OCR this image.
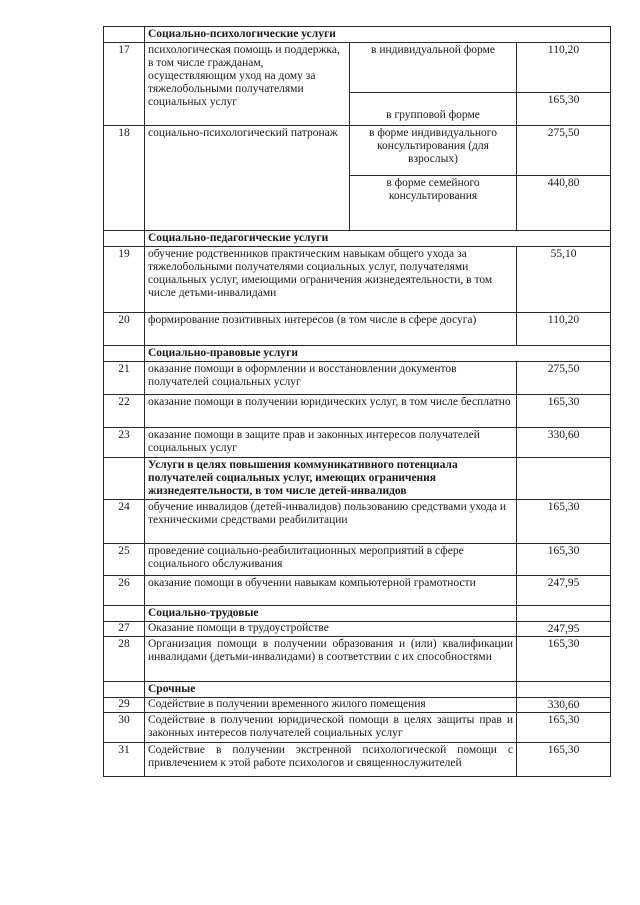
	Социально-психологические услуги		
17	психологическая помощь и поддержка, в том числе гражданам, осуществляющим уход на дому за тяжелобольными получателями социальных услуг	в индивидуальной форме	110,20
		в групповой форме	165,30
18	социально-психологический патронаж	в форме индивидуального консультирования (для взрослых)	275,50
		в форме семейного консультирования	440,80
	Социально-педагогические услуги		
19	обучение родственников практическим навыкам общего ухода за тяжелобольными получателями социальных услуг, получателями социальных услуг, имеющими ограничения жизнедеятельности, в том числе детьми-инвалидами		55,10
20	формирование позитивных интересов (в том числе в сфере досуга)		110,20
	Социально-правовые услуги		
21	оказание помощи в оформлении и восстановлении документов получателей социальных услуг		275,50
22	оказание помощи в получении юридических услуг, в том числе бесплатно		165,30
23	оказание помощи в защите прав и законных интересов получателей социальных услуг		330,60
	Услуги в целях повышения коммуникативного потенциала получателей социальных услуг, имеющих ограничения жизнедеятельности, в том числе детей-инвалидов		
24	обучение инвалидов (детей-инвалидов) пользованию средствами ухода и техническими средствами реабилитации		165,30
25	проведение социально-реабилитационных мероприятий в сфере социального обслуживания		165,30
26	оказание помощи в обучении навыкам компьютерной грамотности		247,95
	Социально-трудовые		
27	Оказание помощи в трудоустройстве		247,95
28	Организация помощи в получении образования и (или) квалификации инвалидами (детьми-инвалидами) в соответствии с их способностями		165,30
	Срочные		
29	Содействие в получении временного жилого помещения		330,60
30	Содействие в получении юридической помощи в целях защиты прав и законных интересов получателей социальных услуг		165,30
31	Содействие в получении экстренной психологической помощи с привлечением к этой работе психологов и священнослужителей		165,30
